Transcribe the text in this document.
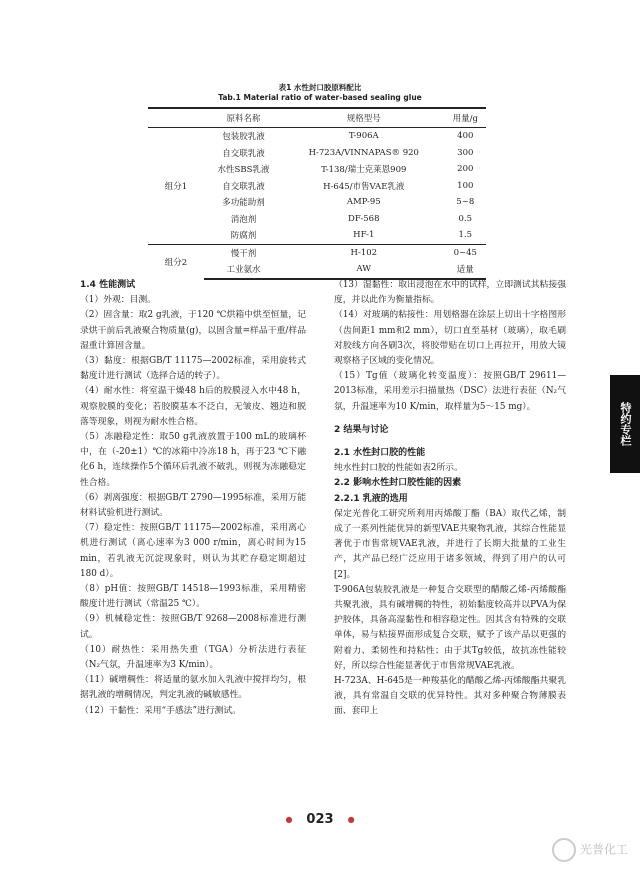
表1 水性封口胶原料配比
Tab.1 Material ratio of water-based sealing glue
	原料名称	规格型号	用量/g
组分1	包装胶乳液	T-906A	400
	自交联乳液	H-723A/VINNAPAS® 920	300
	水性SBS乳液	T-138/瑞士克莱恩909	200
	自交联乳液	H-645/市售VAE乳液	100
	多功能助剂	AMP-95	5~8
	消泡剂	DF-568	0.5
	防腐剂	HF-1	1.5
组分2	慢干剂	H-102	0~45
	工业氨水	AW	适量
1.4 性能测试

（1）外观：目测。

（2）固含量：取2 g乳液，于120 ℃烘箱中烘至恒量，记录烘干前后乳液聚合物质量(g)，以固含量=样品干重/样品湿重计算固含量。

（3）黏度：根据GB/T 11175—2002标准，采用旋转式黏度计进行测试（选择合适的转子）。

（4）耐水性：将室温干燥48 h后的胶膜浸入水中48 h，观察胶膜的变化；若胶膜基本不泛白，无皱皮、翘边和脱落等现象，则视为耐水性合格。

（5）冻融稳定性：取50 g乳液放置于100 mL的玻璃杯中，在（-20±1）℃的冰箱中冷冻18 h，再于23 ℃下融化6 h，连续操作5个循环后乳液不破乳，则视为冻融稳定性合格。

（6）剥离强度：根据GB/T 2790—1995标准，采用万能材料试验机进行测试。

（7）稳定性：按照GB/T 11175—2002标准，采用离心机进行测试（离心速率为3 000 r/min，离心时间为15 min，若乳液无沉淀现象时，则认为其贮存稳定期超过180 d）。

（8）pH值：按照GB/T 14518—1993标准，采用精密酸度计进行测试（常温25 ℃）。

（9）机械稳定性：按照GB/T 9268—2008标准进行测试。

（10）耐热性：采用热失重（TGA）分析法进行表征（N₂气氛，升温速率为3 K/min）。

（11）碱增稠性：将适量的氨水加入乳液中搅拌均匀，根据乳液的增稠情况，判定乳液的碱敏感性。

（12）干黏性：采用“手感法”进行测试。

（13）湿黏性：取出浸泡在水中的试样，立即测试其粘接强度，并以此作为衡量指标。

（14）对玻璃的粘接性：用划格器在涂层上切出十字格图形（齿间距1 mm和2 mm），切口直至基材（玻璃），取毛刷对胶线方向各刷3次，将胶带贴在切口上再拉开，用放大镜观察格子区域的变化情况。

（15）Tg值（玻璃化转变温度）：按照GB/T 29611—2013标准，采用差示扫描量热（DSC）法进行表征（N₂气氛，升温速率为10 K/min，取样量为5～15 mg）。

2 结果与讨论
2.1 水性封口胶的性能

纯水性封口胶的性能如表2所示。

2.2 影响水性封口胶性能的因素
2.2.1 乳液的选用

保定光普化工研究所利用丙烯酸丁酯（BA）取代乙烯，制成了一系列性能优异的新型VAE共聚物乳液，其综合性能显著优于市售常规VAE乳液，并进行了长期大批量的工业生产，其产品已经广泛应用于诸多领域，得到了用户的认可[2]。

T-906A包装胶乳液是一种复合交联型的醋酸乙烯-丙烯酸酯共聚乳液，具有碱增稠的特性，初始黏度较高并以PVA为保护胶体，具备高湿黏性和相容稳定性。因其含有特殊的交联单体，易与粘接界面形成复合交联，赋予了该产品以更强的附着力、柔韧性和持粘性；由于其Tg较低，故抗冻性能较好，所以综合性能显著优于市售常规VAE乳液。

H-723A、H-645是一种羧基化的醋酸乙烯-丙烯酸酯共聚乳液，具有常温自交联的优异特性。其对多种聚合物薄膜表面、套印上

特约专栏
● 023 ●
光普化工
